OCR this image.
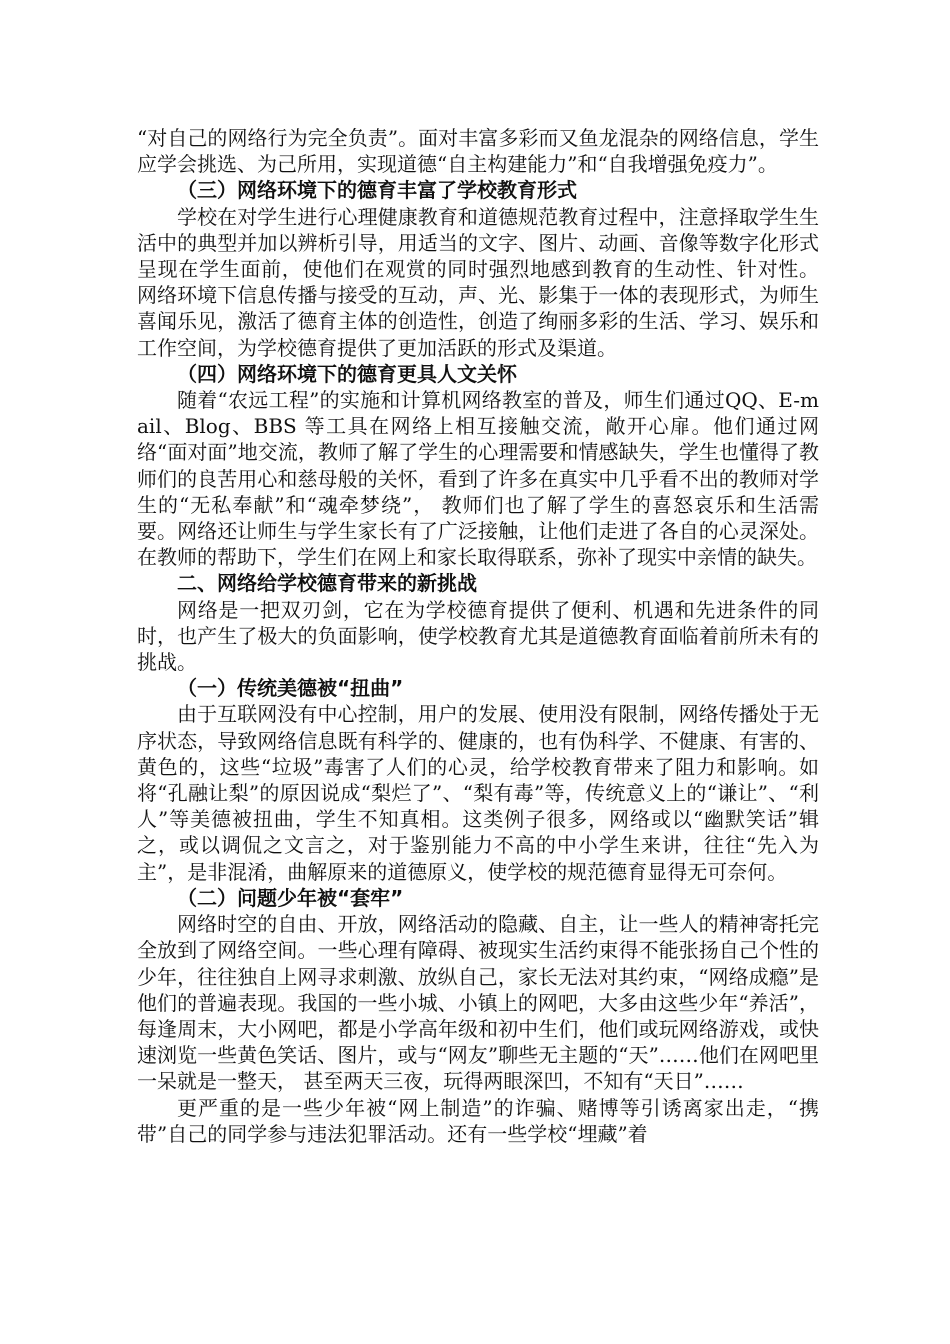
“对自己的网络行为完全负责”。面对丰富多彩而又鱼龙混杂的网络信息，学生应学会挑选、为己所用，实现道德“自主构建能力”和“自我增强免疫力”。

（三）网络环境下的德育丰富了学校教育形式

学校在对学生进行心理健康教育和道德规范教育过程中，注意择取学生生活中的典型并加以辨析引导，用适当的文字、图片、动画、音像等数字化形式呈现在学生面前，使他们在观赏的同时强烈地感到教育的生动性、针对性。 网络环境下信息传播与接受的互动，声、光、影集于一体的表现形式，为师生喜闻乐见，激活了德育主体的创造性，创造了绚丽多彩的生活、学习、娱乐和工作空间，为学校德育提供了更加活跃的形式及渠道。

（四）网络环境下的德育更具人文关怀

随着“农远工程”的实施和计算机网络教室的普及，师生们通过QQ、E-mail、Blog、BBS 等工具在网络上相互接触交流，敞开心扉。他们通过网络“面对面”地交流，教师了解了学生的心理需要和情感缺失，学生也懂得了教师们的良苦用心和慈母般的关怀，看到了许多在真实中几乎看不出的教师对学生的“无私奉献”和“魂牵梦绕”， 教师们也了解了学生的喜怒哀乐和生活需要。网络还让师生与学生家长有了广泛接触，让他们走进了各自的心灵深处。在教师的帮助下，学生们在网上和家长取得联系，弥补了现实中亲情的缺失。

二、网络给学校德育带来的新挑战

网络是一把双刃剑，它在为学校德育提供了便利、机遇和先进条件的同时，也产生了极大的负面影响，使学校教育尤其是道德教育面临着前所未有的挑战。

（一）传统美德被“扭曲”

由于互联网没有中心控制，用户的发展、使用没有限制，网络传播处于无序状态，导致网络信息既有科学的、健康的，也有伪科学、不健康、有害的、黄色的，这些“垃圾”毒害了人们的心灵，给学校教育带来了阻力和影响。如将“孔融让梨”的原因说成“梨烂了”、“梨有毒”等，传统意义上的“谦让”、“利人”等美德被扭曲，学生不知真相。这类例子很多，网络或以“幽默笑话”辑之，或以调侃之文言之，对于鉴别能力不高的中小学生来讲，往往“先入为主”，是非混淆，曲解原来的道德原义，使学校的规范德育显得无可奈何。

（二）问题少年被“套牢”

网络时空的自由、开放，网络活动的隐藏、自主，让一些人的精神寄托完全放到了网络空间。一些心理有障碍、被现实生活约束得不能张扬自己个性的少年，往往独自上网寻求刺激、放纵自己，家长无法对其约束，“网络成瘾”是他们的普遍表现。我国的一些小城、小镇上的网吧，大多由这些少年“养活”，每逢周末，大小网吧，都是小学高年级和初中生们，他们或玩网络游戏，或快速浏览一些黄色笑话、图片，或与“网友”聊些无主题的“天”……他们在网吧里一呆就是一整天， 甚至两天三夜，玩得两眼深凹，不知有“天日”……

更严重的是一些少年被“网上制造”的诈骗、赌博等引诱离家出走，“携带”自己的同学参与违法犯罪活动。还有一些学校“埋藏”着
